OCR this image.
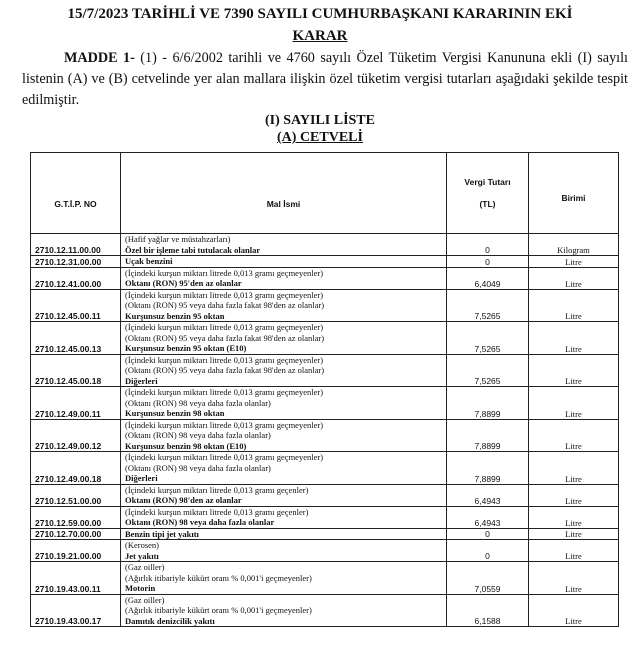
15/7/2023 TARİHLİ VE 7390 SAYILI CUMHURBAŞKANI KARARININ EKİ
KARAR
MADDE 1- (1) - 6/6/2002 tarihli ve 4760 sayılı Özel Tüketim Vergisi Kanununa ekli (I) sayılı listenin (A) ve (B) cetvelinde yer alan mallara ilişkin özel tüketim vergisi tutarları aşağıdaki şekilde tespit edilmiştir.
(I) SAYILI LİSTE
(A) CETVELİ
G.T.İ.P. NO	Mal İsmi	Vergi Tutarı
(TL)	Birimi
2710.12.11.00.00	(Hafif yağlar ve müstahzarları)
Özel bir işleme tabi tutulacak olanlar	0	Kilogram
2710.12.31.00.00	Uçak benzini	0	Litre
2710.12.41.00.00	(İçindeki kurşun miktarı litrede 0,013 gramı geçmeyenler)
Oktanı (RON) 95'den az olanlar	6,4049	Litre
2710.12.45.00.11	(İçindeki kurşun miktarı litrede 0,013 gramı geçmeyenler)
(Oktanı (RON) 95 veya daha fazla fakat 98'den az olanlar)
Kurşunsuz benzin 95 oktan	7,5265	Litre
2710.12.45.00.13	(İçindeki kurşun miktarı litrede 0,013 gramı geçmeyenler)
(Oktanı (RON) 95 veya daha fazla fakat 98'den az olanlar)
Kurşunsuz benzin 95 oktan (E10)	7,5265	Litre
2710.12.45.00.18	(İçindeki kurşun miktarı litrede 0,013 gramı geçmeyenler)
(Oktanı (RON) 95 veya daha fazla fakat 98'den az olanlar)
Diğerleri	7,5265	Litre
2710.12.49.00.11	(İçindeki kurşun miktarı litrede 0,013 gramı geçmeyenler)
(Oktanı (RON) 98 veya daha fazla olanlar)
Kurşunsuz benzin 98 oktan	7,8899	Litre
2710.12.49.00.12	(İçindeki kurşun miktarı litrede 0,013 gramı geçmeyenler)
(Oktanı (RON) 98 veya daha fazla olanlar)
Kurşunsuz benzin 98 oktan (E10)	7,8899	Litre
2710.12.49.00.18	(İçindeki kurşun miktarı litrede 0,013 gramı geçmeyenler)
(Oktanı (RON) 98 veya daha fazla olanlar)
Diğerleri	7,8899	Litre
2710.12.51.00.00	(İçindeki kurşun miktarı litrede 0,013 gramı geçenler)
Oktanı (RON) 98'den az olanlar	6,4943	Litre
2710.12.59.00.00	(İçindeki kurşun miktarı litrede 0,013 gramı geçenler)
Oktanı (RON) 98 veya daha fazla olanlar	6,4943	Litre
2710.12.70.00.00	Benzin tipi jet yakıtı	0	Litre
2710.19.21.00.00	(Kerosen)
Jet yakıtı	0	Litre
2710.19.43.00.11	(Gaz oiller)
(Ağırlık itibariyle kükürt oranı % 0,001'i geçmeyenler)
Motorin	7,0559	Litre
2710.19.43.00.17	(Gaz oiller)
(Ağırlık itibariyle kükürt oranı % 0,001'i geçmeyenler)
Damıtık denizcilik yakıtı	6,1588	Litre
